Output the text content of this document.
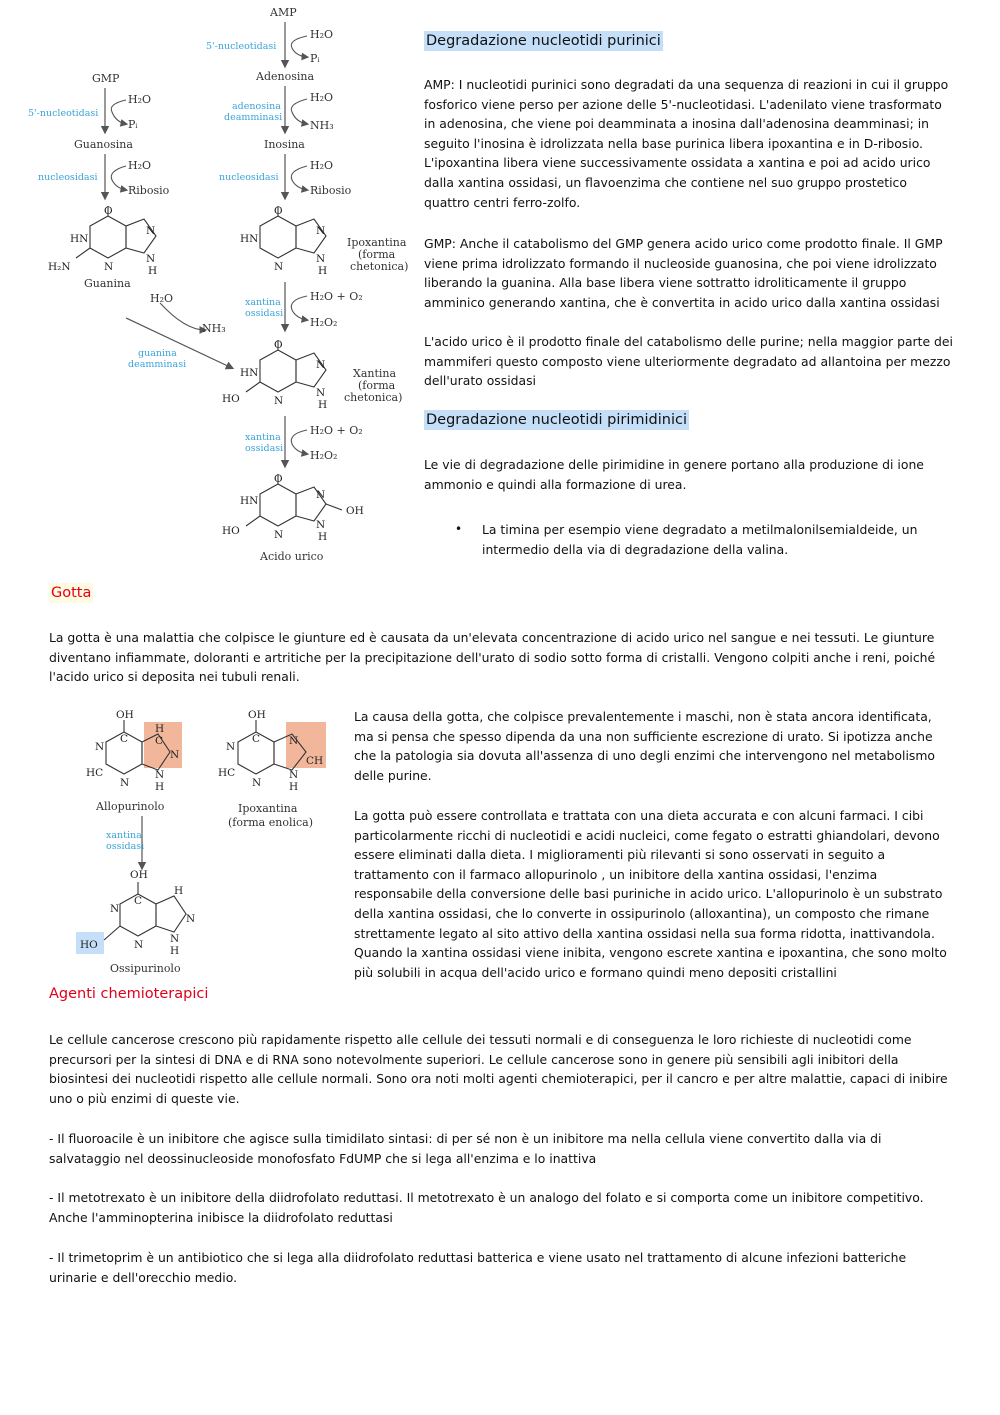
AMP
H₂O
Pᵢ
5'-nucleotidasi
Adenosina
H₂O
NH₃
adenosina
deamminasi
Inosina
H₂O
Ribosio
nucleosidasi
GMP
H₂O
Pᵢ
5'-nucleotidasi
Guanosina
H₂O
Ribosio
nucleosidasi
O
HN
N
N
N
H
H₂N
Guanina
O
HN
N
N
N
H
Ipoxantina
(forma
chetonica)
H₂O + O₂
H₂O₂
xantina
ossidasi
H₂O
NH₃
guanina
deamminasi
O
HN
N
N
N
H
HO
Xantina
(forma
chetonica)
H₂O + O₂
H₂O₂
xantina
ossidasi
O
HN	N
N
N
H
HO
OH
Acido urico
Degradazione nucleotidi purinici

AMP: I nucleotidi purinici sono degradati da una sequenza di reazioni in cui il gruppo fosforico viene perso per azione delle 5'-nucleotidasi. L'adenilato viene trasformato in adenosina, che viene poi deamminata a inosina dall'adenosina deamminasi; in seguito l'inosina è idrolizzata nella base purinica libera ipoxantina e in D-ribosio. L'ipoxantina libera viene successivamente ossidata a xantina e poi ad acido urico dalla xantina ossidasi, un flavoenzima che contiene nel suo gruppo prostetico quattro centri ferro-zolfo.

GMP: Anche il catabolismo del GMP genera acido urico come prodotto finale. Il GMP viene prima idrolizzato formando il nucleoside guanosina, che poi viene idrolizzato liberando la guanina. Alla base libera viene sottratto idroliticamente il gruppo amminico generando xantina, che è convertita in acido urico dalla xantina ossidasi

L'acido urico è il prodotto finale del catabolismo delle purine; nella maggior parte dei mammiferi questo composto viene ulteriormente degradato ad allantoina per mezzo dell'urato ossidasi

Degradazione nucleotidi pirimidinici

Le vie di degradazione delle pirimidine in genere portano alla produzione di ione ammonio e quindi alla formazione di urea.

• La timina per esempio viene degradato a metilmalonilsemialdeide, un intermedio della via di degradazione della valina.

Gotta

La gotta è una malattia che colpisce le giunture ed è causata da un'elevata concentrazione di acido urico nel sangue e nei tessuti. Le giunture diventano infiammate, doloranti e artritiche per la precipitazione dell'urato di sodio sotto forma di cristalli. Vengono colpiti anche i reni, poiché l'acido urico si deposita nei tubuli renali.

OH
N
C
H
C
N
N
H
HC
N
Allopurinolo
OH
N
C	N
CH
N
H
HC
N
Ipoxantina
(forma enolica)
xantina
ossidasi
OH
N
C
H
N
N
H
HO	N
Ossipurinolo

La causa della gotta, che colpisce prevalentemente i maschi, non è stata ancora identificata, ma si pensa che spesso dipenda da una non sufficiente escrezione di urato. Si ipotizza anche che la patologia sia dovuta all'assenza di uno degli enzimi che intervengono nel metabolismo delle purine.

La gotta può essere controllata e trattata con una dieta accurata e con alcuni farmaci. I cibi particolarmente ricchi di nucleotidi e acidi nucleici, come fegato o estratti ghiandolari, devono essere eliminati dalla dieta. I miglioramenti più rilevanti si sono osservati in seguito a trattamento con il farmaco allopurinolo , un inibitore della xantina ossidasi, l'enzima responsabile della conversione delle basi puriniche in acido urico. L'allopurinolo è un substrato della xantina ossidasi, che lo converte in ossipurinolo (alloxantina), un composto che rimane strettamente legato al sito attivo della xantina ossidasi nella sua forma ridotta, inattivandola. Quando la xantina ossidasi viene inibita, vengono escrete xantina e ipoxantina, che sono molto più solubili in acqua dell'acido urico e formano quindi meno depositi cristallini

Agenti chemioterapici

Le cellule cancerose crescono più rapidamente rispetto alle cellule dei tessuti normali e di conseguenza le loro richieste di nucleotidi come precursori per la sintesi di DNA e di RNA sono notevolmente superiori. Le cellule cancerose sono in genere più sensibili agli inibitori della biosintesi dei nucleotidi rispetto alle cellule normali. Sono ora noti molti agenti chemioterapici, per il cancro e per altre malattie, capaci di inibire uno o più enzimi di queste vie.

- Il fluoroacile è un inibitore che agisce sulla timidilato sintasi: di per sé non è un inibitore ma nella cellula viene convertito dalla via di salvataggio nel deossinucleoside monofosfato FdUMP che si lega all'enzima e lo inattiva

- Il metotrexato è un inibitore della diidrofolato reduttasi. Il metotrexato è un analogo del folato e si comporta come un inibitore competitivo. Anche l'amminopterina inibisce la diidrofolato reduttasi

- Il trimetoprim è un antibiotico che si lega alla diidrofolato reduttasi batterica e viene usato nel trattamento di alcune infezioni batteriche urinarie e dell'orecchio medio.
